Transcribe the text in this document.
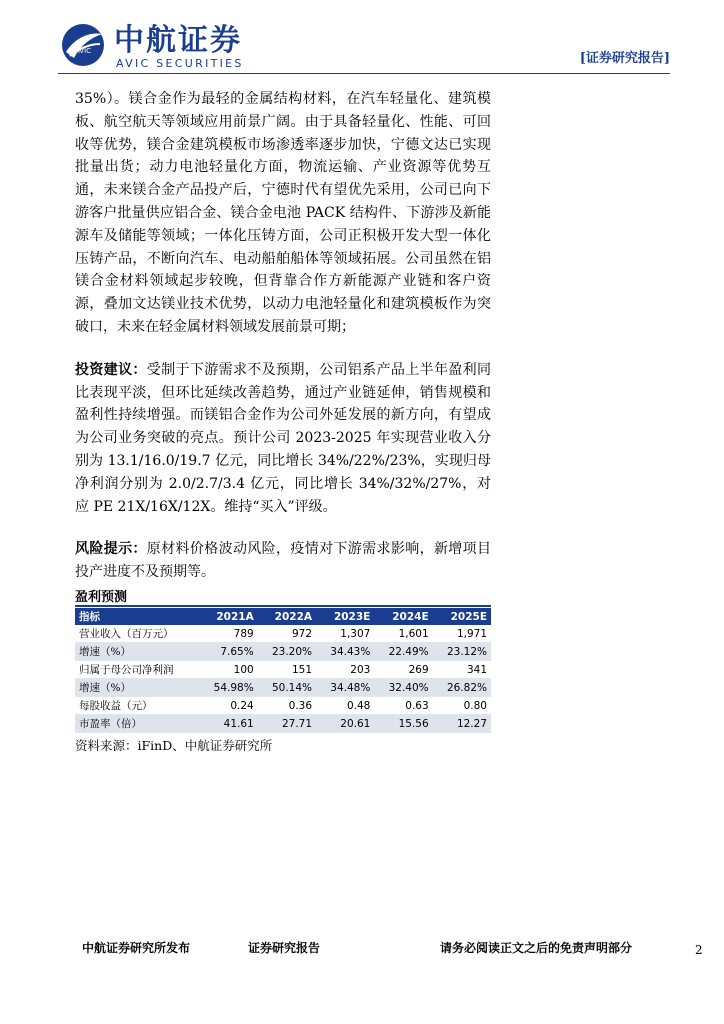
AVIC 中航证券
AVIC SECURITIES	[证券研究报告]

35%）。镁合金作为最轻的金属结构材料，在汽车轻量化、建筑模板、航空航天等领域应用前景广阔。由于具备轻量化、性能、可回收等优势，镁合金建筑模板市场渗透率逐步加快，宁德文达已实现批量出货；动力电池轻量化方面，物流运输、产业资源等优势互通，未来镁合金产品投产后，宁德时代有望优先采用，公司已向下游客户批量供应铝合金、镁合金电池 PACK 结构件、下游涉及新能源车及储能等领域；一体化压铸方面，公司正积极开发大型一体化压铸产品，不断向汽车、电动船舶船体等领域拓展。公司虽然在铝镁合金材料领域起步较晚，但背靠合作方新能源产业链和客户资源，叠加文达镁业技术优势，以动力电池轻量化和建筑模板作为突破口，未来在轻金属材料领域发展前景可期；

投资建议：受制于下游需求不及预期，公司铝系产品上半年盈利同比表现平淡，但环比延续改善趋势，通过产业链延伸，销售规模和盈利性持续增强。而镁铝合金作为公司外延发展的新方向，有望成为公司业务突破的亮点。预计公司 2023-2025 年实现营业收入分别为 13.1/16.0/19.7 亿元，同比增长 34%/22%/23%，实现归母净利润分别为 2.0/2.7/3.4 亿元，同比增长 34%/32%/27%，对应 PE 21X/16X/12X。维持“买入”评级。

风险提示：原材料价格波动风险，疫情对下游需求影响，新增项目投产进度不及预期等。

盈利预测
指标	2021A	2022A	2023E	2024E	2025E
营业收入（百万元）	789	972	1,307	1,601	1,971
增速（%）	7.65%	23.20%	34.43%	22.49%	23.12%
归属于母公司净利润	100	151	203	269	341
增速（%）	54.98%	50.14%	34.48%	32.40%	26.82%
每股收益（元）	0.24	0.36	0.48	0.63	0.80
市盈率（倍）	41.61	27.71	20.61	15.56	12.27
资料来源：iFinD、中航证券研究所
中航证券研究所发布	证券研究报告	请务必阅读正文之后的免责声明部分	2
